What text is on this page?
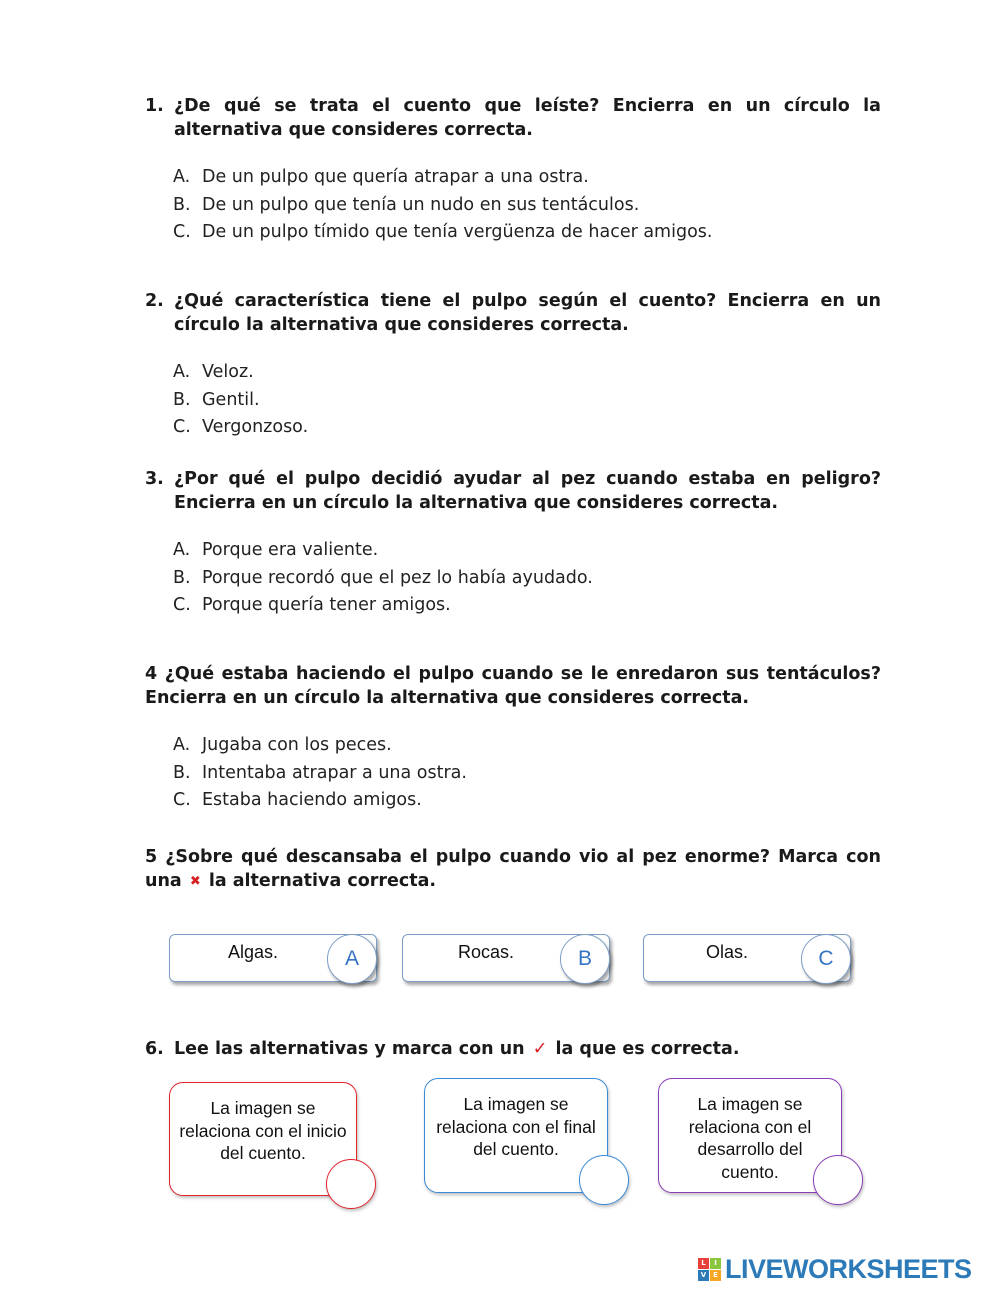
1. ¿De qué se trata el cuento que leíste? Encierra en un círculo la alternativa que consideres correcta.
A. De un pulpo que quería atrapar a una ostra.
B. De un pulpo que tenía un nudo en sus tentáculos.
C. De un pulpo tímido que tenía vergüenza de hacer amigos.
2. ¿Qué característica tiene el pulpo según el cuento? Encierra en un círculo la alternativa que consideres correcta.
A. Veloz.
B. Gentil.
C. Vergonzoso.
3. ¿Por qué el pulpo decidió ayudar al pez cuando estaba en peligro? Encierra en un círculo la alternativa que consideres correcta.
A. Porque era valiente.
B. Porque recordó que el pez lo había ayudado.
C. Porque quería tener amigos.
4 ¿Qué estaba haciendo el pulpo cuando se le enredaron sus tentáculos? Encierra en un círculo la alternativa que consideres correcta.
A. Jugaba con los peces.
B. Intentaba atrapar a una ostra.
C. Estaba haciendo amigos.
5 ¿Sobre qué descansaba el pulpo cuando vio al pez enorme? Marca con una ✖ la alternativa correcta.
Algas.	A	Rocas.	B	Olas.	C
6. Lee las alternativas y marca con un ✓ la que es correcta.
La imagen se relaciona con el inicio del cuento.
La imagen se relaciona con el final del cuento.
La imagen se relaciona con el desarrollo del cuento.
L	I
V E LIVEWORKSHEETS
